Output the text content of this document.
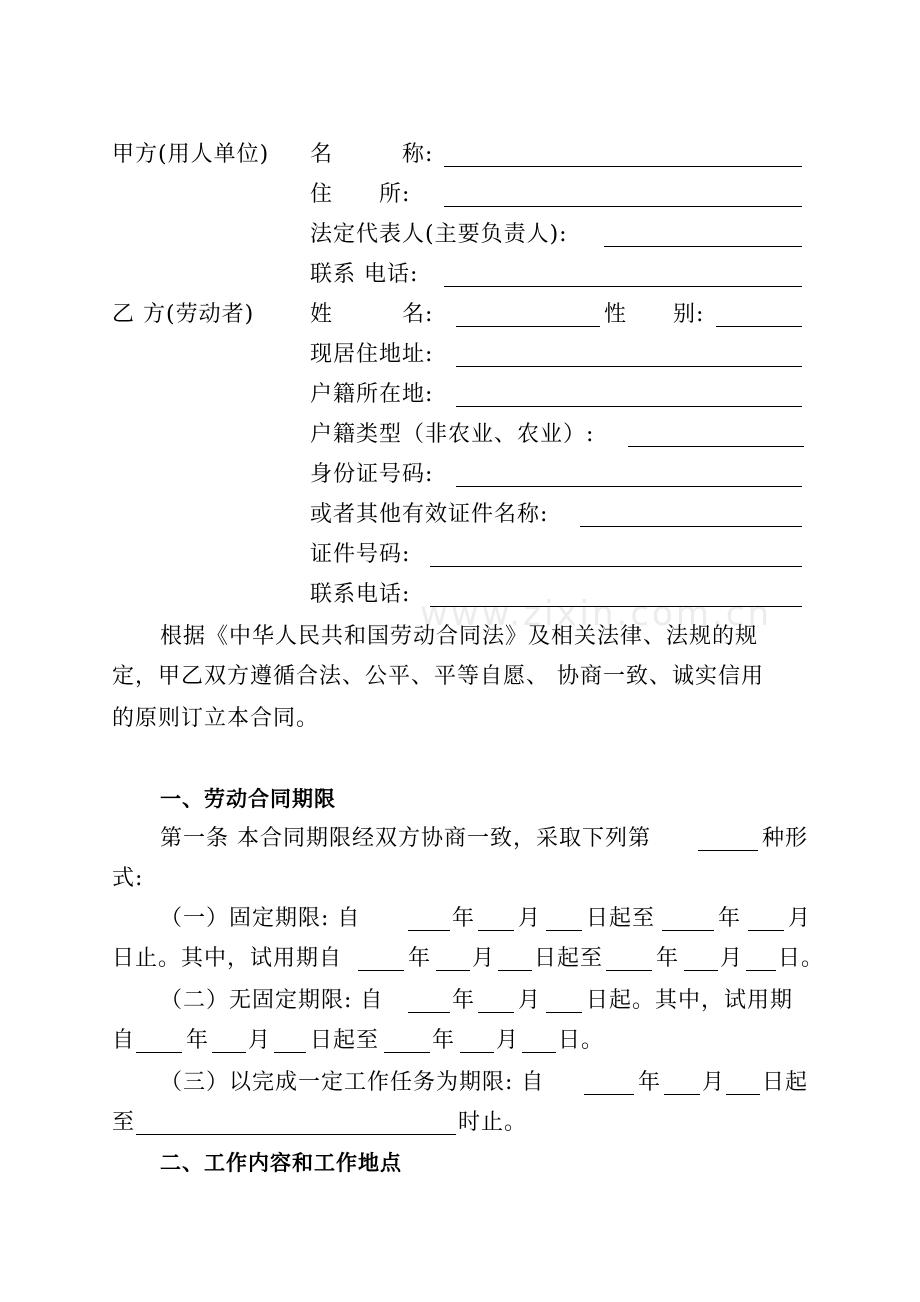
www.zixin.com.cn
甲方(用人单位) 名　　　称:
住　　所:
法定代表人(主要负责人):
联系 电话:
乙 方(劳动者)	姓　　　名:	性　　别:
现居住地址:
户籍所在地:
户籍类型（非农业、农业）:
身份证号码:
或者其他有效证件名称:
证件号码:
联系电话:
根据《中华人民共和国劳动合同法》及相关法律、法规的规
定，甲乙双方遵循合法、公平、平等自愿、 协商一致、诚实信用
的原则订立本合同。
一、劳动合同期限
第一条 本合同期限经双方协商一致，采取下列第	种形
式:
（一）固定期限: 自	年 月 日起至	年 月
日止。其中，试用期自	年 月 日起至 年 月 日。
（二）无固定期限: 自	年 月 日起。其中，试用期
自 年 月 日起至 年 月 日。
（三）以完成一定工作任务为期限: 自	年 月 日起
至	时止。
二、工作内容和工作地点
